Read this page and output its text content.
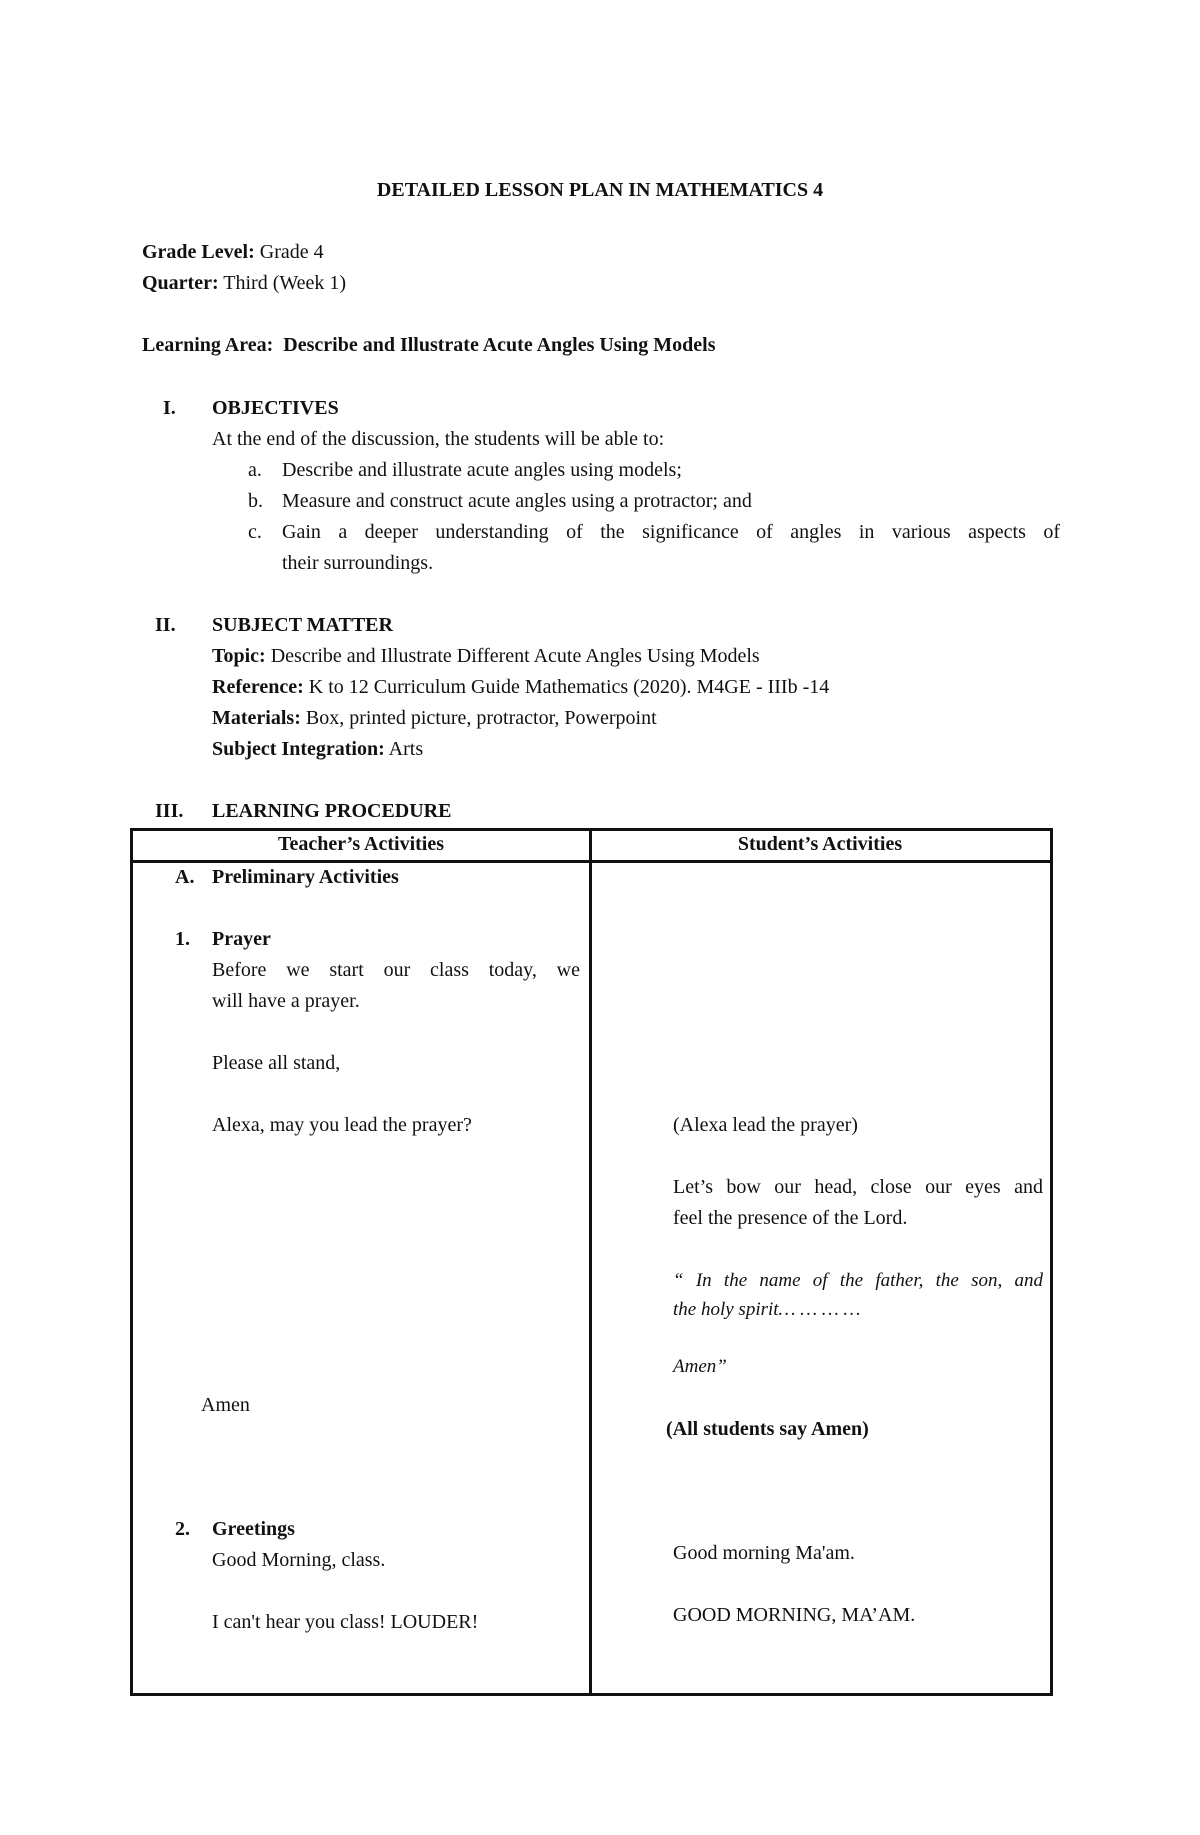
DETAILED LESSON PLAN IN MATHEMATICS 4
Grade Level: Grade 4
Quarter: Third (Week 1)
Learning Area: Describe and Illustrate Acute Angles Using Models
I. OBJECTIVES
At the end of the discussion, the students will be able to:
a. Describe and illustrate acute angles using models;
b. Measure and construct acute angles using a protractor; and
c. Gain a deeper understanding of the significance of angles in various aspects of
their surroundings.
II. SUBJECT MATTER
Topic: Describe and Illustrate Different Acute Angles Using Models
Reference: K to 12 Curriculum Guide Mathematics (2020). M4GE - IIIb -14
Materials: Box, printed picture, protractor, Powerpoint
Subject Integration: Arts
III. LEARNING PROCEDURE
Teacher’s Activities	Student’s Activities
A. Preliminary Activities
1. Prayer
Before we start our class today, we
will have a prayer.
Please all stand,
Alexa, may you lead the prayer?
Amen
2. Greetings
Good Morning, class.
I can't hear you class! LOUDER!
(Alexa lead the prayer)
Let’s bow our head, close our eyes and
feel the presence of the Lord.
“ In the name of the father, the son, and
the holy spirit… … … …
Amen”
(All students say Amen)
Good morning Ma'am.
GOOD MORNING, MA’AM.
